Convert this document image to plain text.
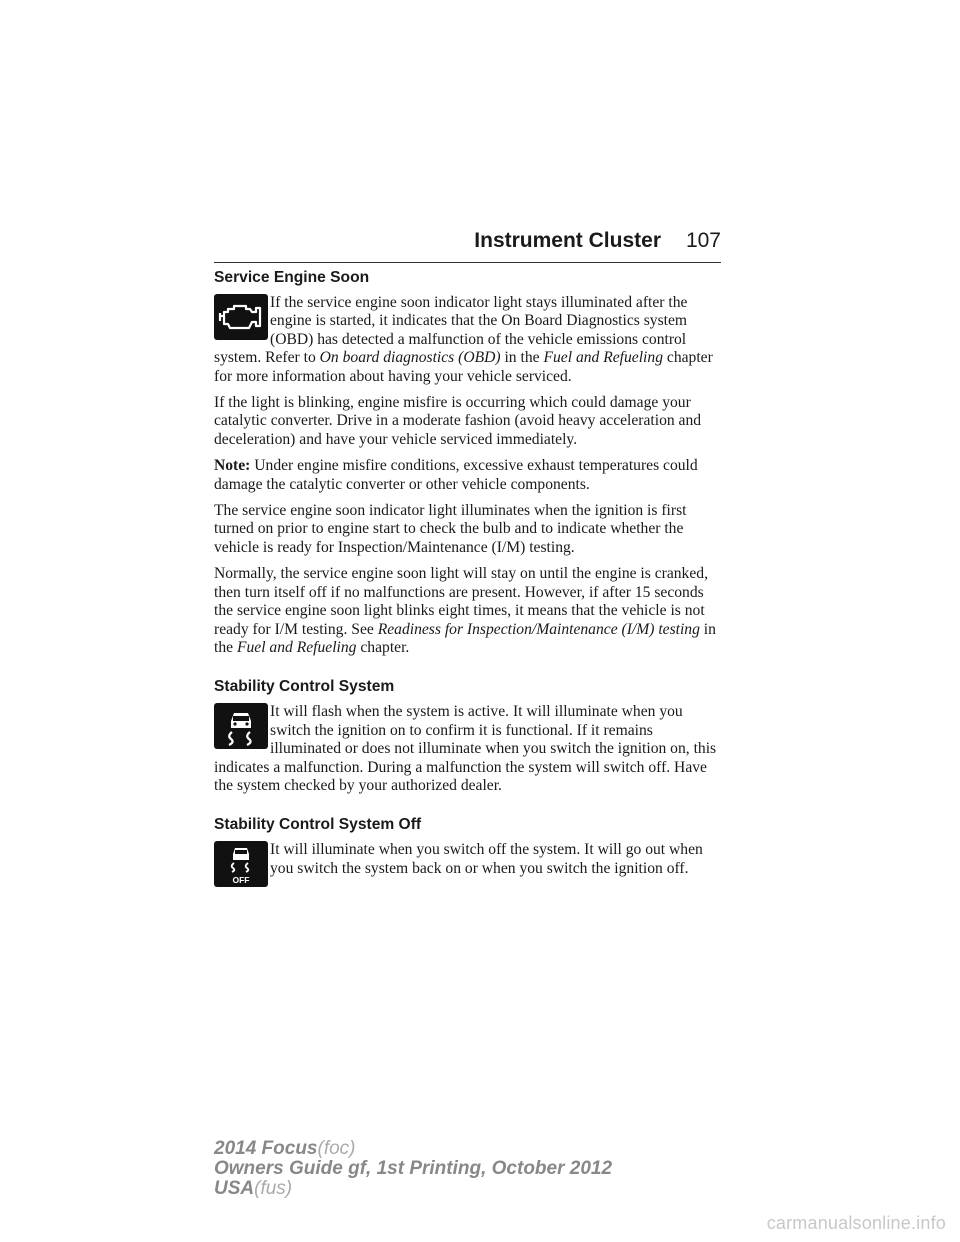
Instrument Cluster 107
Service Engine Soon

If the service engine soon indicator light stays illuminated after the engine is started, it indicates that the On Board Diagnostics system (OBD) has detected a malfunction of the vehicle emissions control system. Refer to On board diagnostics (OBD) in the Fuel and Refueling chapter for more information about having your vehicle serviced.

If the light is blinking, engine misfire is occurring which could damage your catalytic converter. Drive in a moderate fashion (avoid heavy acceleration and deceleration) and have your vehicle serviced immediately.

Note: Under engine misfire conditions, excessive exhaust temperatures could damage the catalytic converter or other vehicle components.

The service engine soon indicator light illuminates when the ignition is first turned on prior to engine start to check the bulb and to indicate whether the vehicle is ready for Inspection/Maintenance (I/M) testing.

Normally, the service engine soon light will stay on until the engine is cranked, then turn itself off if no malfunctions are present. However, if after 15 seconds the service engine soon light blinks eight times, it means that the vehicle is not ready for I/M testing. See Readiness for Inspection/Maintenance (I/M) testing in the Fuel and Refueling chapter.

Stability Control System

It will flash when the system is active. It will illuminate when you switch the ignition on to confirm it is functional. If it remains illuminated or does not illuminate when you switch the ignition on, this indicates a malfunction. During a malfunction the system will switch off. Have the system checked by your authorized dealer.

Stability Control System Off
OFF

It will illuminate when you switch off the system. It will go out when you switch the system back on or when you switch the ignition off.

2014 Focus(foc)
Owners Guide gf, 1st Printing, October 2012
USA(fus)
carmanualsonline.info
